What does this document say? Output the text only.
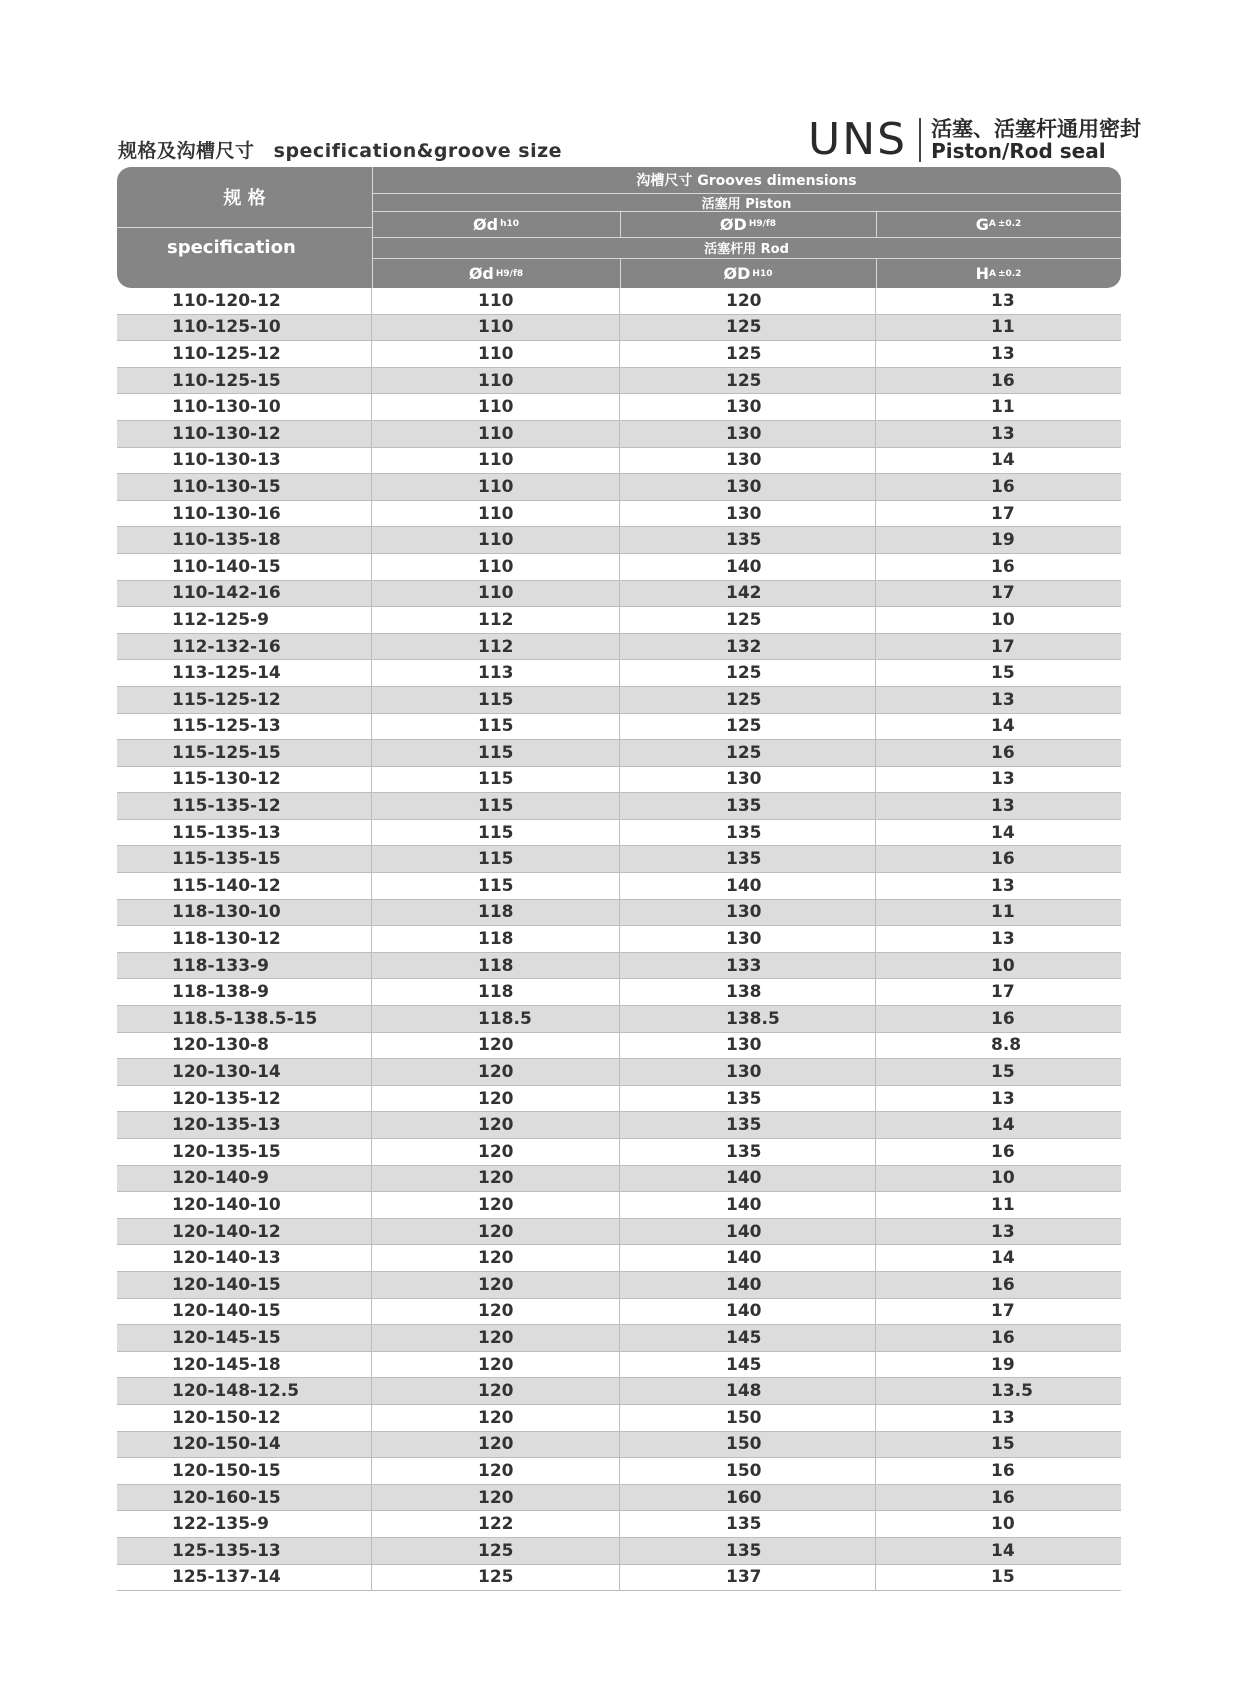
规格及沟槽尺寸 specification&groove size	UNS 活塞、活塞杆通用密封
Piston/Rod seal
规 格
specification
沟槽尺寸 Grooves dimensions
活塞用 Piston
Ød h10	ØD H9/f8	G A ±0.2
活塞杆用 Rod
Ød H9/f8	ØD H10	H A ±0.2
110-120-12	110	120	13
110-125-10	110	125	11
110-125-12	110	125	13
110-125-15	110	125	16
110-130-10	110	130	11
110-130-12	110	130	13
110-130-13	110	130	14
110-130-15	110	130	16
110-130-16	110	130	17
110-135-18	110	135	19
110-140-15	110	140	16
110-142-16	110	142	17
112-125-9	112	125	10
112-132-16	112	132	17
113-125-14	113	125	15
115-125-12	115	125	13
115-125-13	115	125	14
115-125-15	115	125	16
115-130-12	115	130	13
115-135-12	115	135	13
115-135-13	115	135	14
115-135-15	115	135	16
115-140-12	115	140	13
118-130-10	118	130	11
118-130-12	118	130	13
118-133-9	118	133	10
118-138-9	118	138	17
118.5-138.5-15	118.5	138.5	16
120-130-8	120	130	8.8
120-130-14	120	130	15
120-135-12	120	135	13
120-135-13	120	135	14
120-135-15	120	135	16
120-140-9	120	140	10
120-140-10	120	140	11
120-140-12	120	140	13
120-140-13	120	140	14
120-140-15	120	140	16
120-140-15	120	140	17
120-145-15	120	145	16
120-145-18	120	145	19
120-148-12.5	120	148	13.5
120-150-12	120	150	13
120-150-14	120	150	15
120-150-15	120	150	16
120-160-15	120	160	16
122-135-9	122	135	10
125-135-13	125	135	14
125-137-14	125	137	15
